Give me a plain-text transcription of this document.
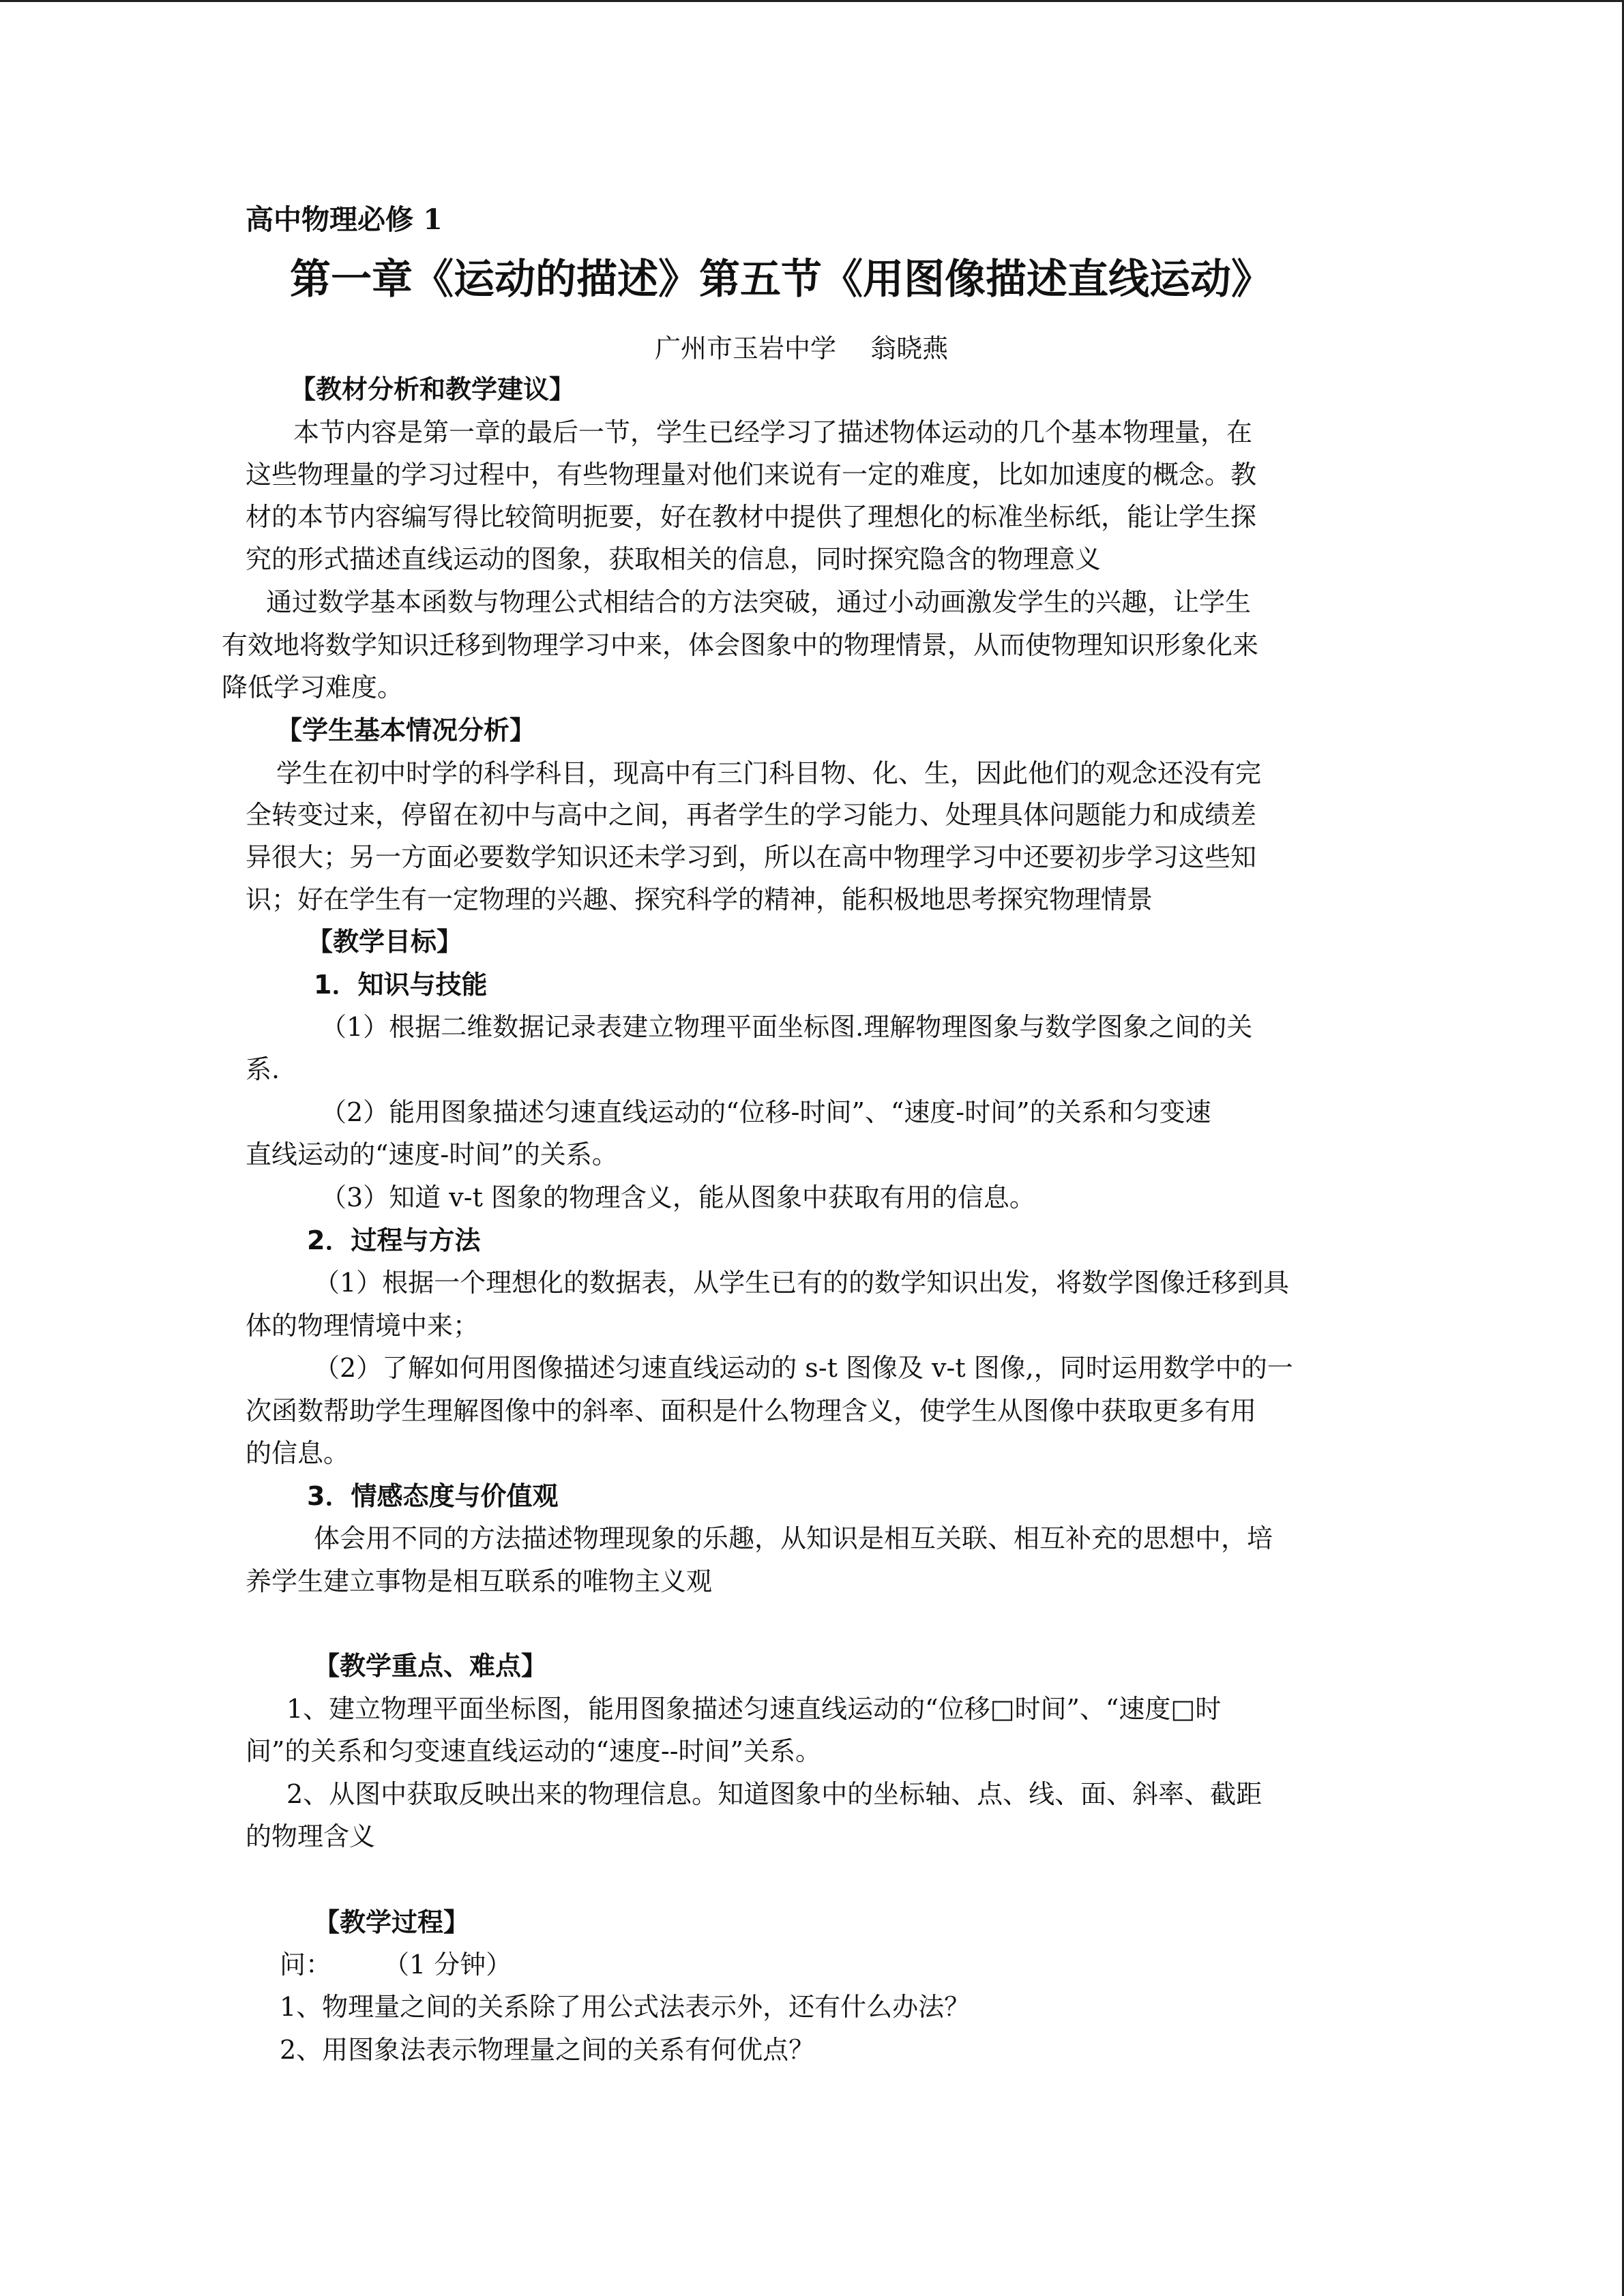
高中物理必修 1
第一章《运动的描述》第五节《用图像描述直线运动》
广州市玉岩中学　 翁晓燕
【教材分析和教学建议】
本节内容是第一章的最后一节，学生已经学习了描述物体运动的几个基本物理量，在
这些物理量的学习过程中，有些物理量对他们来说有一定的难度，比如加速度的概念。教
材的本节内容编写得比较简明扼要，好在教材中提供了理想化的标准坐标纸，能让学生探
究的形式描述直线运动的图象，获取相关的信息，同时探究隐含的物理意义
通过数学基本函数与物理公式相结合的方法突破，通过小动画激发学生的兴趣，让学生
有效地将数学知识迁移到物理学习中来，体会图象中的物理情景，从而使物理知识形象化来
降低学习难度。
【学生基本情况分析】
学生在初中时学的科学科目，现高中有三门科目物、化、生，因此他们的观念还没有完
全转变过来，停留在初中与高中之间，再者学生的学习能力、处理具体问题能力和成绩差
异很大；另一方面必要数学知识还未学习到，所以在高中物理学习中还要初步学习这些知
识；好在学生有一定物理的兴趣、探究科学的精神，能积极地思考探究物理情景
【教学目标】
1．知识与技能
（1）根据二维数据记录表建立物理平面坐标图.理解物理图象与数学图象之间的关
系.
（2）能用图象描述匀速直线运动的“位移-时间”、“速度-时间”的关系和匀变速
直线运动的“速度-时间”的关系。
（3）知道 v-t 图象的物理含义，能从图象中获取有用的信息。
2．过程与方法
（1）根据一个理想化的数据表，从学生已有的的数学知识出发，将数学图像迁移到具
体的物理情境中来；
（2）了解如何用图像描述匀速直线运动的 s-t 图像及 v-t 图像,，同时运用数学中的一
次函数帮助学生理解图像中的斜率、面积是什么物理含义，使学生从图像中获取更多有用
的信息。
3．情感态度与价值观
体会用不同的方法描述物理现象的乐趣，从知识是相互关联、相互补充的思想中，培
养学生建立事物是相互联系的唯物主义观
【教学重点、难点】
1、建立物理平面坐标图，能用图象描述匀速直线运动的“位移□时间”、“速度□时
间”的关系和匀变速直线运动的“速度--时间”关系。
2、从图中获取反映出来的物理信息。知道图象中的坐标轴、点、线、面、斜率、截距
的物理含义
【教学过程】
问：　　　（1 分钟）
1、物理量之间的关系除了用公式法表示外，还有什么办法？
2、用图象法表示物理量之间的关系有何优点？
